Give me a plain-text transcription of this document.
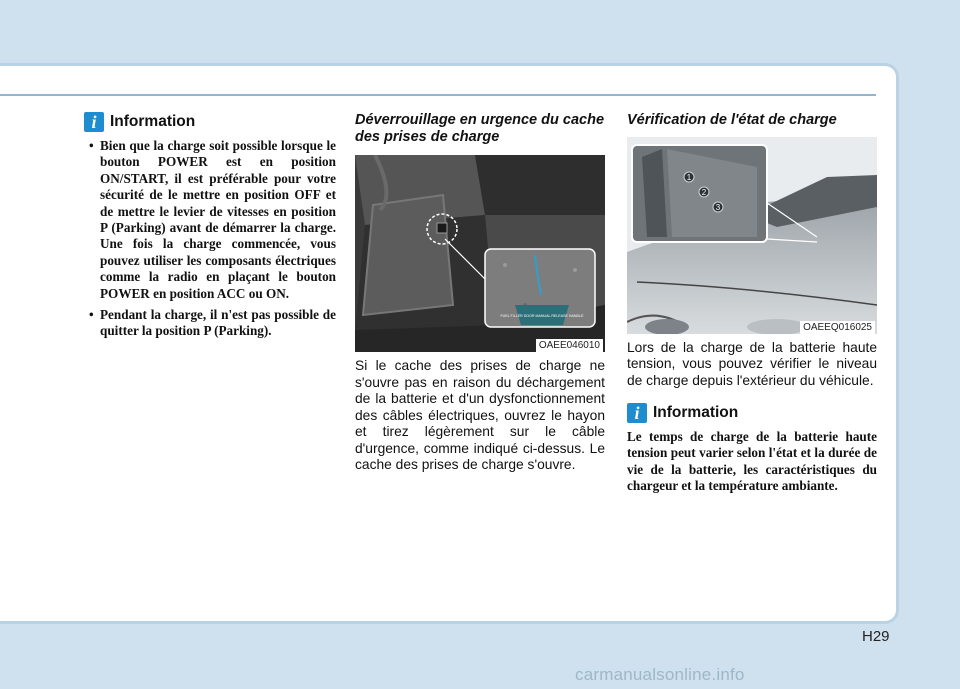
i Information
• Bien que la charge soit possible lorsque le bouton POWER est en position ON/START, il est préférable pour votre sécurité de le mettre en position OFF et de mettre le levier de vitesses en position P (Parking) avant de démarrer la charge. Une fois la charge commencée, vous pouvez utiliser les composants électriques comme la radio en plaçant le bouton POWER en position ACC ou ON.
• Pendant la charge, il n'est pas possible de quitter la position P (Parking).
Déverrouillage en urgence du cache des prises de charge
FUEL FILLER DOOR MANUAL RELEASE HANDLE
OAEE046010

Si le cache des prises de charge ne s'ouvre pas en raison du déchargement de la batterie et d'un dysfonctionnement des câbles électriques, ouvrez le hayon et tirez légèrement sur le câble d'urgence, comme indiqué ci-dessus. Le cache des prises de charge s'ouvre.

Vérification de l'état de charge
1
2
3
OAEEQ016025

Lors de la charge de la batterie haute tension, vous pouvez vérifier le niveau de charge depuis l'extérieur du véhicule.

i Information

Le temps de charge de la batterie haute tension peut varier selon l'état et la durée de vie de la batterie, les caractéristiques du chargeur et la température ambiante.

H29
carmanualsonline.info
